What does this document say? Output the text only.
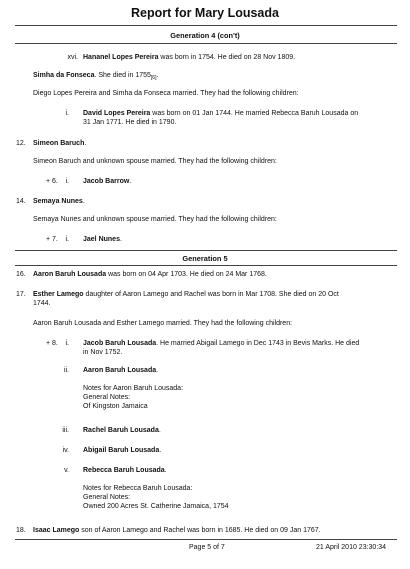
Report for Mary Lousada
Generation 4 (con't)
xvi. Hananel Lopes Pereira was born in 1754. He died on 28 Nov 1809.
Simha da Fonseca. She died in $1755_{[6]}$.
Diego Lopes Pereira and Simha da Fonseca married. They had the following children:
i. David Lopes Pereira was born on 01 Jan 1744. He married Rebecca Baruh Lousada on
31 Jan 1771. He died in 1790.
12. Simeon Baruch.
Simeon Baruch and unknown spouse married. They had the following children:
+ 6.	i. Jacob Barrow.
14. Semaya Nunes.
Semaya Nunes and unknown spouse married. They had the following children:
+ 7.	i. Jael Nunes.
Generation 5
16. Aaron Baruh Lousada was born on 04 Apr 1703. He died on 24 Mar 1768.
17. Esther Lamego daughter of Aaron Lamego and Rachel was born in Mar 1708. She died on 20 Oct
1744.
Aaron Baruh Lousada and Esther Lamego married. They had the following children:
+ 8.	i. Jacob Baruh Lousada. He married Abigail Lamego in Dec 1743 in Bevis Marks. He died
in Nov 1752.
ii. Aaron Baruh Lousada.
Notes for Aaron Baruh Lousada:
General Notes:
Of Kingston Jamaica
iii. Rachel Baruh Lousada.
iv. Abigail Baruh Lousada.
v. Rebecca Baruh Lousada.
Notes for Rebecca Baruh Lousada:
General Notes:
Owned 200 Acres St. Catherine Jamaica, 1754
18. Isaac Lamego son of Aaron Lamego and Rachel was born in 1685. He died on 09 Jan 1767.
Page 5 of 7	21 April 2010 23:30:34
